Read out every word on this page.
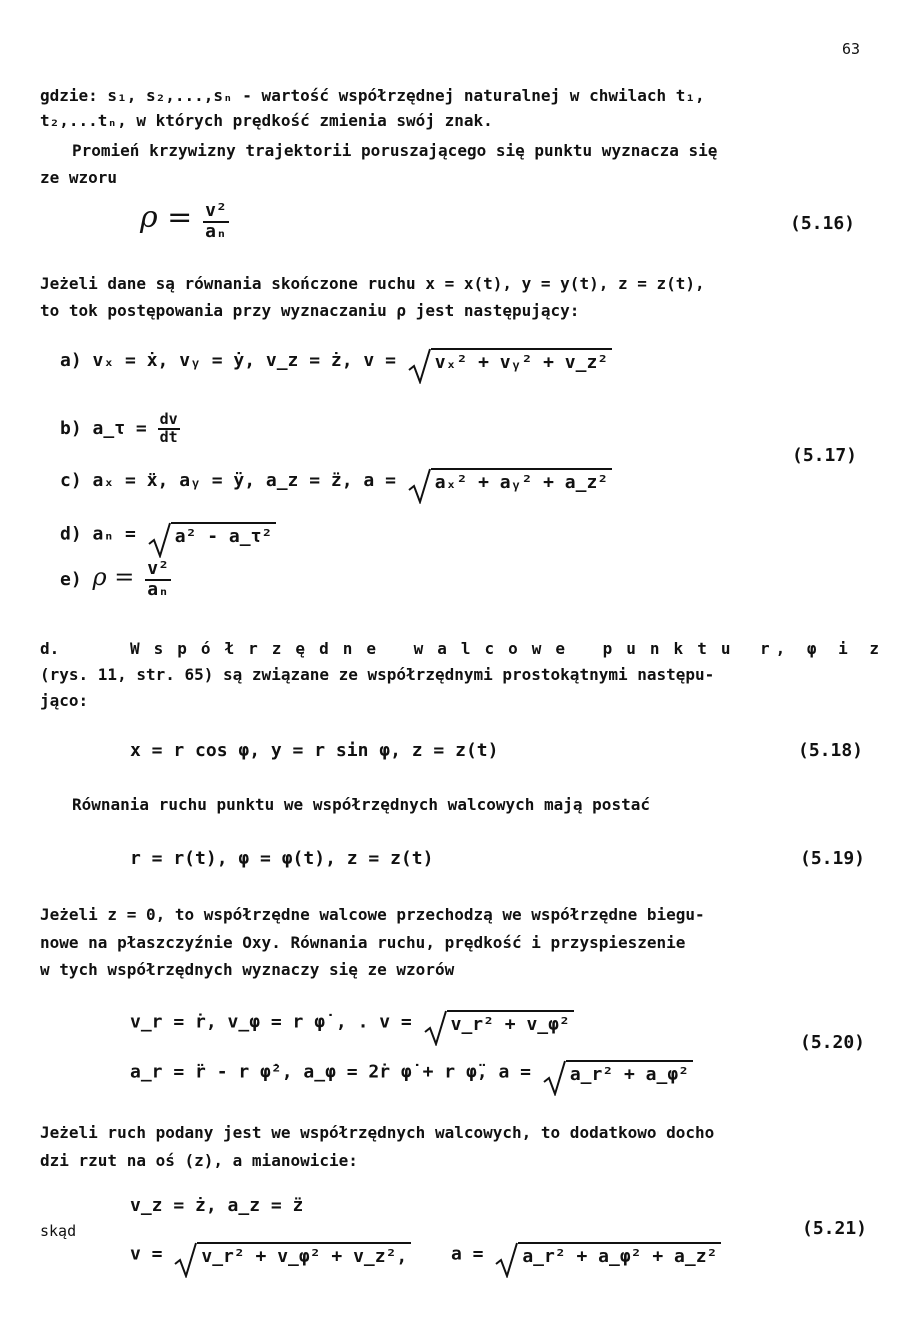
63
gdzie: s₁, s₂,...,sₙ - wartość współrzędnej naturalnej w chwilach t₁,
t₂,...tₙ, w których prędkość zmienia swój znak.
Promień krzywizny trajektorii poruszającego się punktu wyznacza się
ze wzoru
$\rho = \frac{\text{v²}}{\text{aₙ}}$	(5.16)
Jeżeli dane są równania skończone ruchu x = x(t), y = y(t), z = z(t),
to tok postępowania przy wyznaczaniu ρ jest następujący:
a) vₓ = ẋ, vᵧ = ẏ, v_z = ż, v = vₓ² + vᵧ² + v_z²
b) a_τ = $\frac{dv}{dt}$
(5.17)
c) aₓ = ẍ, aᵧ = ÿ, a_z = z̈, a = aₓ² + aᵧ² + a_z²
d) aₙ = a² - a_τ²
e) $\rho = \frac{\text{v²}}{\text{aₙ}}$
d.	Współrzędne walcowe punktu r, φ i z
(rys. 11, str. 65) są związane ze współrzędnymi prostokątnymi następu-
jąco:
x = r cos φ, y = r sin φ, z = z(t)	(5.18)
Równania ruchu punktu we współrzędnych walcowych mają postać
r = r(t), φ = φ(t), z = z(t)	(5.19)
Jeżeli z = 0, to współrzędne walcowe przechodzą we współrzędne biegu-
nowe na płaszczyźnie Oxy. Równania ruchu, prędkość i przyspieszenie
w tych współrzędnych wyznaczy się ze wzorów
v_r = ṙ, v_φ = r φ̇ , . v = v_r² + v_φ²
(5.20)
a_r = r̈ - r φ̇², a_φ = 2ṙ φ̇ + r φ̈, a = a_r² + a_φ²
Jeżeli ruch podany jest we współrzędnych walcowych, to dodatkowo docho
dzi rzut na oś (z), a mianowicie:
v_z = ż, a_z = z̈
skąd	(5.21)
v = v_r² + v_φ² + v_z², a = a_r² + a_φ² + a_z²
